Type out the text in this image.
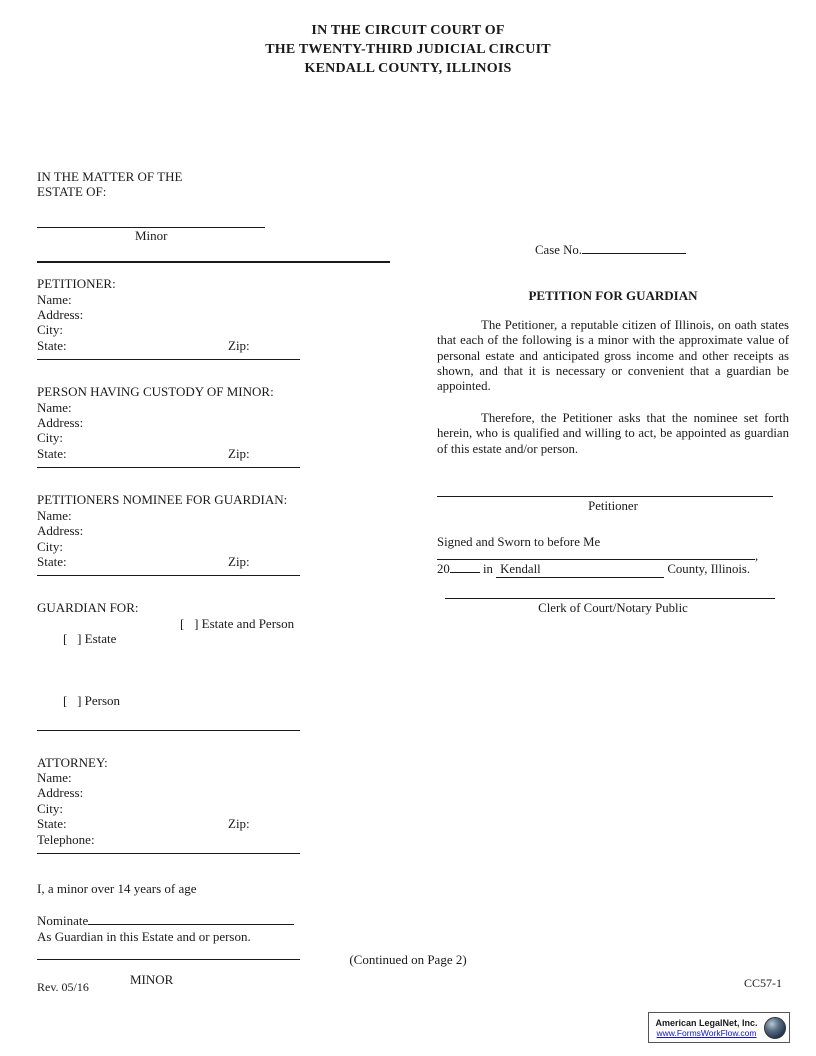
IN THE CIRCUIT COURT OF
THE TWENTY-THIRD JUDICIAL CIRCUIT
KENDALL COUNTY, ILLINOIS
IN THE MATTER OF THE
ESTATE OF:
Minor
PETITIONER:
Name:
Address:
City:
State:	Zip:
PERSON HAVING CUSTODY OF MINOR:
Name:
Address:
City:
State:	Zip:
PETITIONERS NOMINEE FOR GUARDIAN:
Name:
Address:
City:
State:	Zip:
GUARDIAN FOR:

[   ] Estate

[   ] Estate and Person

[   ] Person

ATTORNEY:
Name:
Address:
City:
State:	Zip:
Telephone:
I, a minor over 14 years of age
Nominate
As Guardian in this Estate and or person.
MINOR
Case No.
PETITION FOR GUARDIAN

The Petitioner, a reputable citizen of Illinois, on oath states that each of the following is a minor with the approximate value of personal estate and anticipated gross income and other receipts as shown, and that it is necessary or convenient that a guardian be appointed.

Therefore, the Petitioner asks that the nominee set forth herein, who is qualified and willing to act, be appointed as guardian of this estate and/or person.

Petitioner
Signed and Sworn to before Me
,
20	in Kendall	County, Illinois.
Clerk of Court/Notary Public
(Continued on Page 2)
Rev. 05/16	CC57-1
American LegalNet, Inc.
www.FormsWorkFlow.com
